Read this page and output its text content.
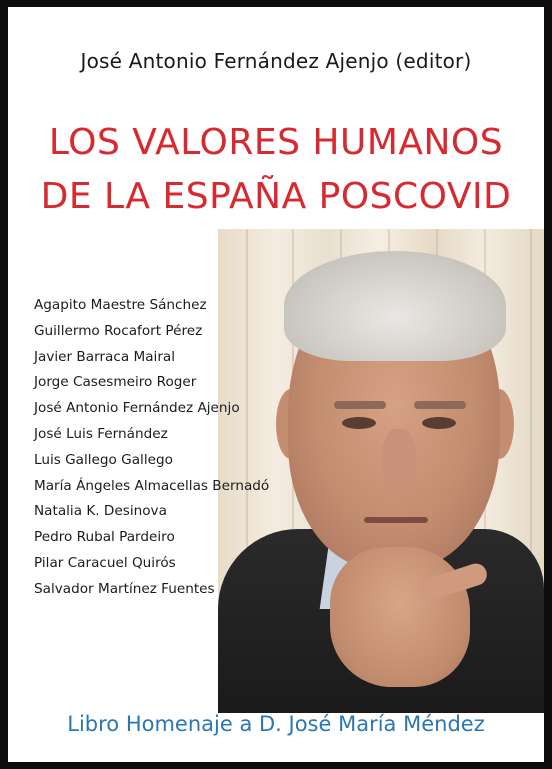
José Antonio Fernández Ajenjo (editor)
LOS VALORES HUMANOS
DE LA ESPAÑA POSCOVID
Agapito Maestre Sánchez
Guillermo Rocafort Pérez
Javier Barraca Mairal
Jorge Casesmeiro Roger
José Antonio Fernández Ajenjo
José Luis Fernández
Luis Gallego Gallego
María Ángeles Almacellas Bernadó
Natalia K. Desinova
Pedro Rubal Pardeiro
Pilar Caracuel Quirós
Salvador Martínez Fuentes
Libro Homenaje a D. José María Méndez
